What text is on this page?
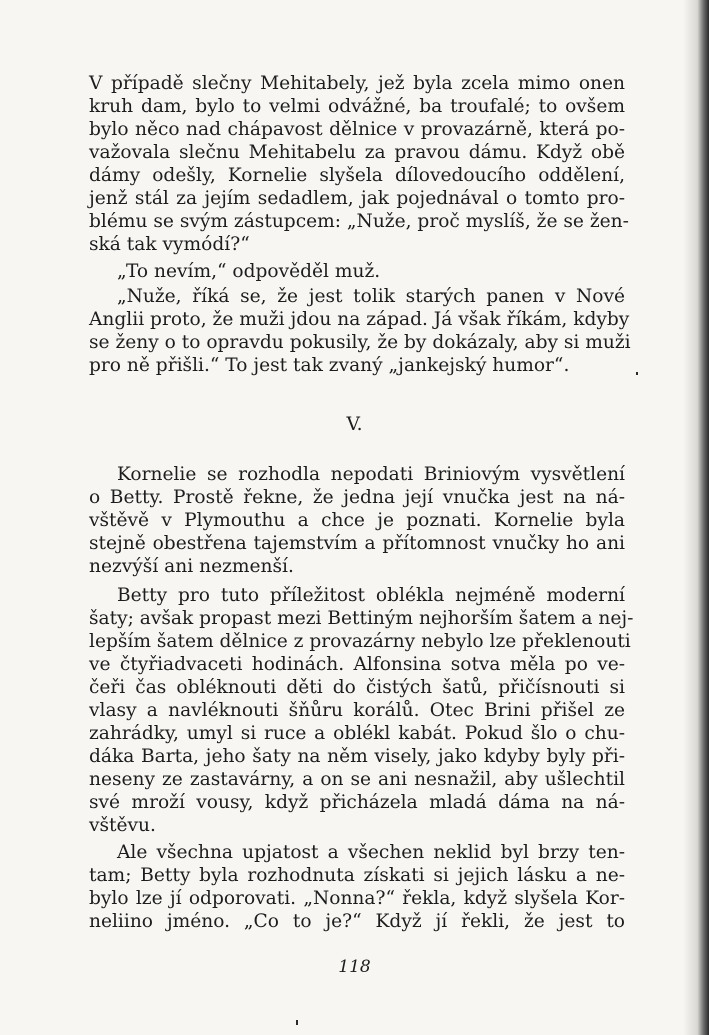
V případě slečny Mehitabely, jež byla zcela mimo onen
kruh dam, bylo to velmi odvážné, ba troufalé; to ovšem
bylo něco nad chápavost dělnice v provazárně, která po-
važovala slečnu Mehitabelu za pravou dámu. Když obě
dámy odešly, Kornelie slyšela dílovedoucího oddělení,
jenž stál za jejím sedadlem, jak pojednával o tomto pro-
blému se svým zástupcem: „Nuže, proč myslíš, že se žen-
ská tak vymódí?“
„To nevím,“ odpověděl muž.
„Nuže, říká se, že jest tolik starých panen v Nové
Anglii proto, že muži jdou na západ. Já však říkám, kdyby
se ženy o to opravdu pokusily, že by dokázaly, aby si muži
pro ně přišli.“ To jest tak zvaný „jankejský humor“.
V.
Kornelie se rozhodla nepodati Briniovým vysvětlení
o Betty. Prostě řekne, že jedna její vnučka jest na ná-
vštěvě v Plymouthu a chce je poznati. Kornelie byla
stejně obestřena tajemstvím a přítomnost vnučky ho ani
nezvýší ani nezmenší.
Betty pro tuto příležitost oblékla nejméně moderní
šaty; avšak propast mezi Bettiným nejhorším šatem a nej-
lepším šatem dělnice z provazárny nebylo lze překlenouti
ve čtyřiadvaceti hodinách. Alfonsina sotva měla po ve-
čeři čas obléknouti děti do čistých šatů, přičísnouti si
vlasy a navléknouti šňůru korálů. Otec Brini přišel ze
zahrádky, umyl si ruce a oblékl kabát. Pokud šlo o chu-
dáka Barta, jeho šaty na něm visely, jako kdyby byly při-
neseny ze zastavárny, a on se ani nesnažil, aby ušlechtil
své mroží vousy, když přicházela mladá dáma na ná-
vštěvu.
Ale všechna upjatost a všechen neklid byl brzy ten-
tam; Betty byla rozhodnuta získati si jejich lásku a ne-
bylo lze jí odporovati. „Nonna?“ řekla, když slyšela Kor-
neliino jméno. „Co to je?“ Když jí řekli, že jest to
118
